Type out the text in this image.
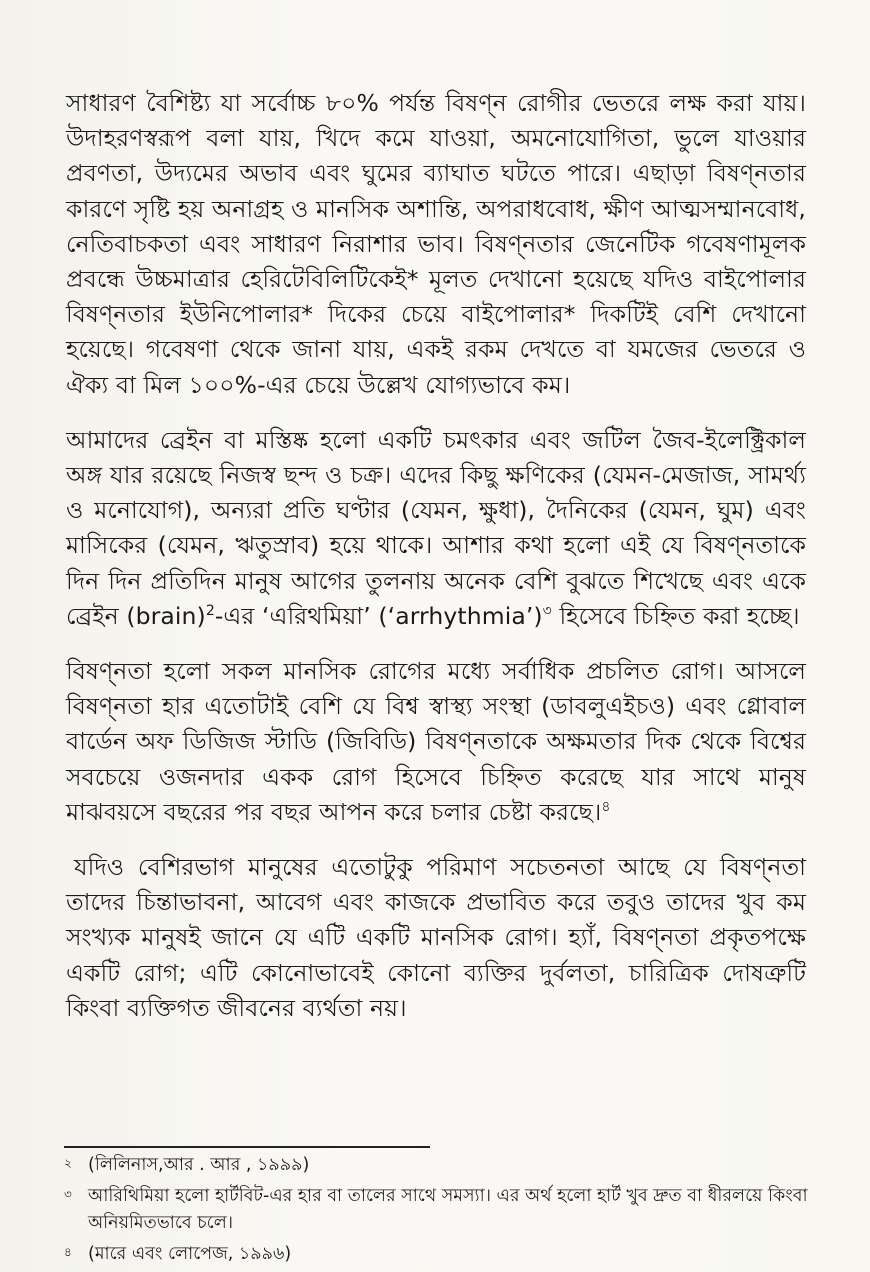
সাধারণ বৈশিষ্ট্য যা সর্বোচ্চ ৮০% পর্যন্ত বিষণ্ন রোগীর ভেতরে লক্ষ করা যায়। উদাহরণস্বরূপ বলা যায়, খিদে কমে যাওয়া, অমনোযোগিতা, ভুলে যাওয়ার প্রবণতা, উদ্যমের অভাব এবং ঘুমের ব্যাঘাত ঘটতে পারে। এছাড়া বিষণ্নতার কারণে সৃষ্টি হয় অনাগ্রহ ও মানসিক অশান্তি, অপরাধবোধ, ক্ষীণ আত্মসম্মানবোধ, নেতিবাচকতা এবং সাধারণ নিরাশার ভাব। বিষণ্নতার জেনেটিক গবেষণামূলক প্রবন্ধে উচ্চমাত্রার হেরিটেবিলিটিকেই* মূলত দেখানো হয়েছে যদিও বাইপোলার বিষণ্নতার ইউনিপোলার* দিকের চেয়ে বাইপোলার* দিকটিই বেশি দেখানো হয়েছে। গবেষণা থেকে জানা যায়, একই রকম দেখতে বা যমজের ভেতরে ও ঐক্য বা মিল ১০০%-এর চেয়ে উল্লেখ যোগ্যভাবে কম।

আমাদের ব্রেইন বা মস্তিষ্ক হলো একটি চমৎকার এবং জটিল জৈব-ইলেক্ট্রিকাল অঙ্গ যার রয়েছে নিজস্ব ছন্দ ও চক্র। এদের কিছু ক্ষণিকের (যেমন-মেজাজ, সামর্থ্য ও মনোযোগ), অন্যরা প্রতি ঘণ্টার (যেমন, ক্ষুধা), দৈনিকের (যেমন, ঘুম) এবং মাসিকের (যেমন, ঋতুস্রাব) হয়ে থাকে। আশার কথা হলো এই যে বিষণ্নতাকে দিন দিন প্রতিদিন মানুষ আগের তুলনায় অনেক বেশি বুঝতে শিখেছে এবং একে ব্রেইন (brain)$^2$-এর ‘এরিথমিয়া’ (‘arrhythmia’)$^৩$ হিসেবে চিহ্নিত করা হচ্ছে।

বিষণ্নতা হলো সকল মানসিক রোগের মধ্যে সর্বাধিক প্রচলিত রোগ। আসলে বিষণ্নতা হার এতোটাই বেশি যে বিশ্ব স্বাস্থ্য সংস্থা (ডাবলুএইচও) এবং গ্লোবাল বার্ডেন অফ ডিজিজ স্টাডি (জিবিডি) বিষণ্নতাকে অক্ষমতার দিক থেকে বিশ্বের সবচেয়ে ওজনদার একক রোগ হিসেবে চিহ্নিত করেছে যার সাথে মানুষ মাঝবয়সে বছরের পর বছর আপন করে চলার চেষ্টা করছে।$^৪$

যদিও বেশিরভাগ মানুষের এতোটুকু পরিমাণ সচেতনতা আছে যে বিষণ্নতা তাদের চিন্তাভাবনা, আবেগ এবং কাজকে প্রভাবিত করে তবুও তাদের খুব কম সংখ্যক মানুষই জানে যে এটি একটি মানসিক রোগ। হ্যাঁ, বিষণ্নতা প্রকৃতপক্ষে একটি রোগ; এটি কোনোভাবেই কোনো ব্যক্তির দুর্বলতা, চারিত্রিক দোষত্রুটি কিংবা ব্যক্তিগত জীবনের ব্যর্থতা নয়।

২ (লিলিনাস,আর . আর , ১৯৯৯)
৩ আরিথিমিয়া হলো হার্টবিট-এর হার বা তালের সাথে সমস্যা। এর অর্থ হলো হার্ট খুব দ্রুত বা ধীরলয়ে কিংবা অনিয়মিতভাবে চলে।
৪ (মারে এবং লোপেজ, ১৯৯৬)
